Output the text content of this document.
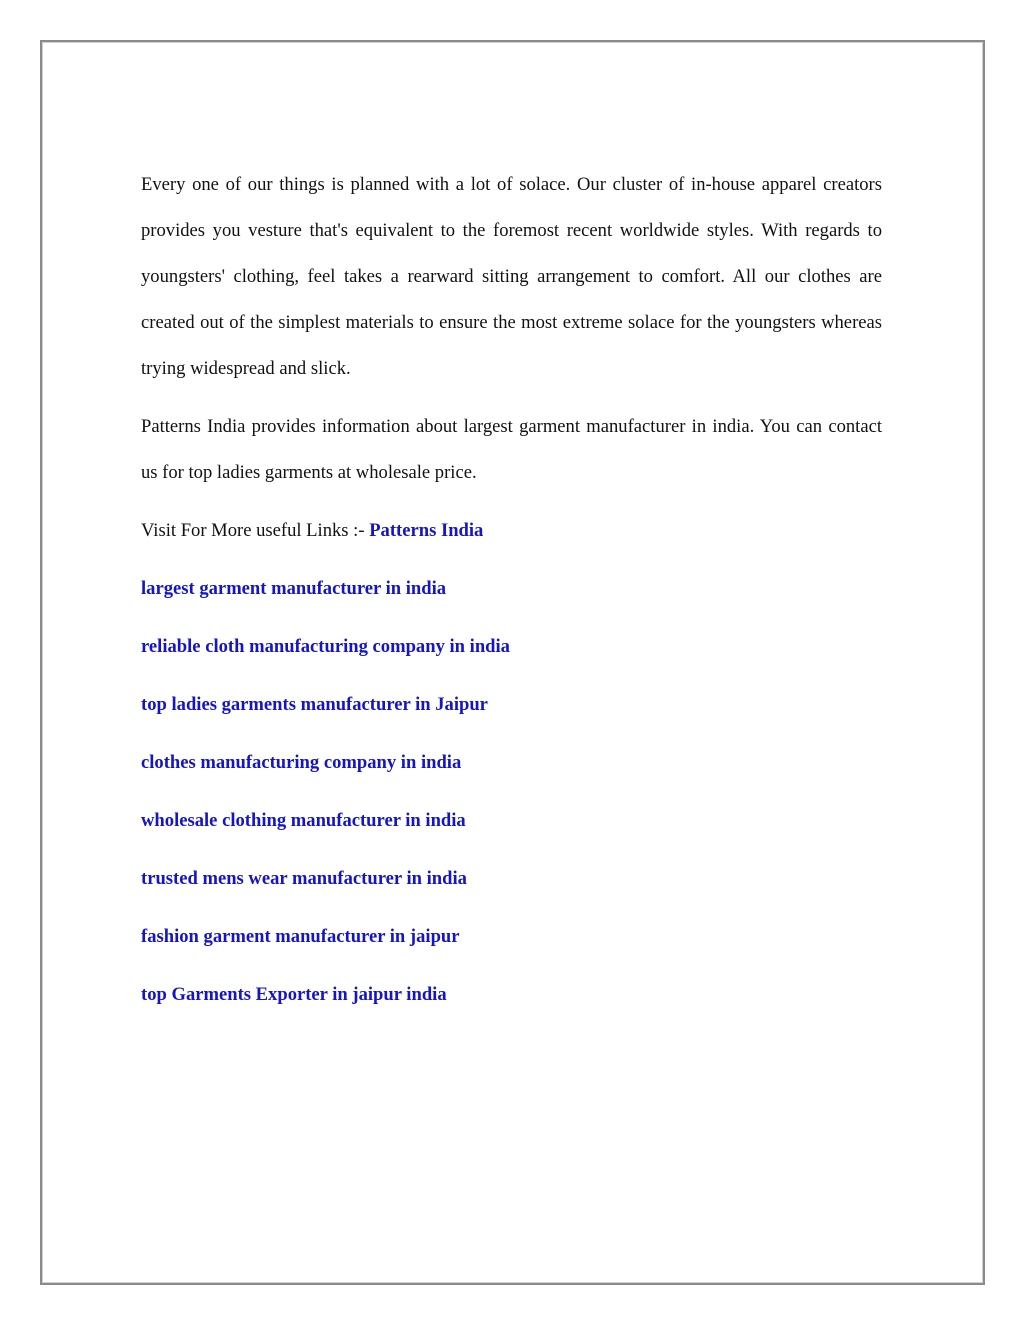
Every one of our things is planned with a lot of solace. Our cluster of in-house apparel creators provides you vesture that's equivalent to the foremost recent worldwide styles. With regards to youngsters' clothing, feel takes a rearward sitting arrangement to comfort. All our clothes are created out of the simplest materials to ensure the most extreme solace for the youngsters whereas trying widespread and slick.

Patterns India provides information about largest garment manufacturer in india. You can contact us for top ladies garments at wholesale price.

Visit For More useful Links :- Patterns India

largest garment manufacturer in india
reliable cloth manufacturing company in india
top ladies garments manufacturer in Jaipur
clothes manufacturing company in india
wholesale clothing manufacturer in india
trusted mens wear manufacturer in india
fashion garment manufacturer in jaipur
top Garments Exporter in jaipur india
